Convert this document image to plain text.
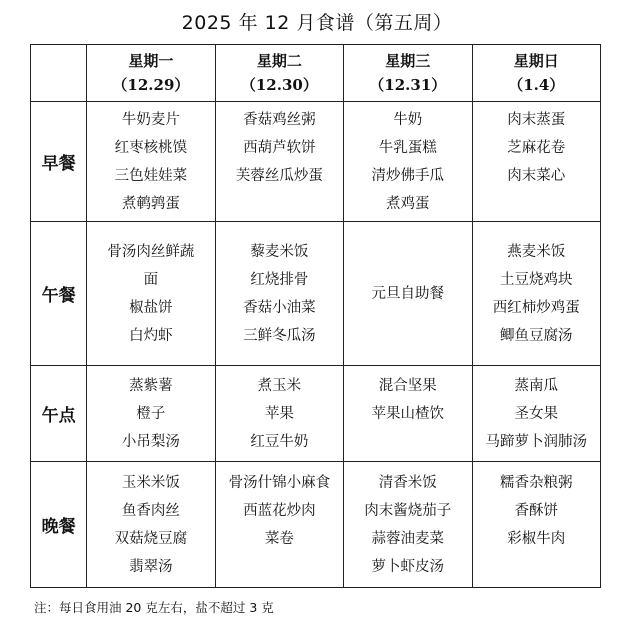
2025 年 12 月食谱（第五周）

	星期一
（12.29）	星期二
（12.30）	星期三
（12.31）	星期日
（1.4）

早餐	牛奶麦片
红枣核桃馍
三色娃娃菜
煮鹌鹑蛋	香菇鸡丝粥
西葫芦软饼
芙蓉丝瓜炒蛋	牛奶
牛乳蛋糕
清炒佛手瓜
煮鸡蛋	肉末蒸蛋
芝麻花卷
肉末菜心

午餐	骨汤肉丝鲜蔬
面
椒盐饼
白灼虾	藜麦米饭
红烧排骨
香菇小油菜
三鲜冬瓜汤	元旦自助餐	燕麦米饭
土豆烧鸡块
西红柿炒鸡蛋
鲫鱼豆腐汤

午点	蒸紫薯
橙子
小吊梨汤	煮玉米
苹果
红豆牛奶	混合坚果
苹果山楂饮	蒸南瓜
圣女果
马蹄萝卜润肺汤

晚餐	玉米米饭
鱼香肉丝
双菇烧豆腐
翡翠汤	骨汤什锦小麻食
西蓝花炒肉
菜卷	清香米饭
肉末酱烧茄子
蒜蓉油麦菜
萝卜虾皮汤	糯香杂粮粥
香酥饼
彩椒牛肉

注：每日食用油 20 克左右，盐不超过 3 克
